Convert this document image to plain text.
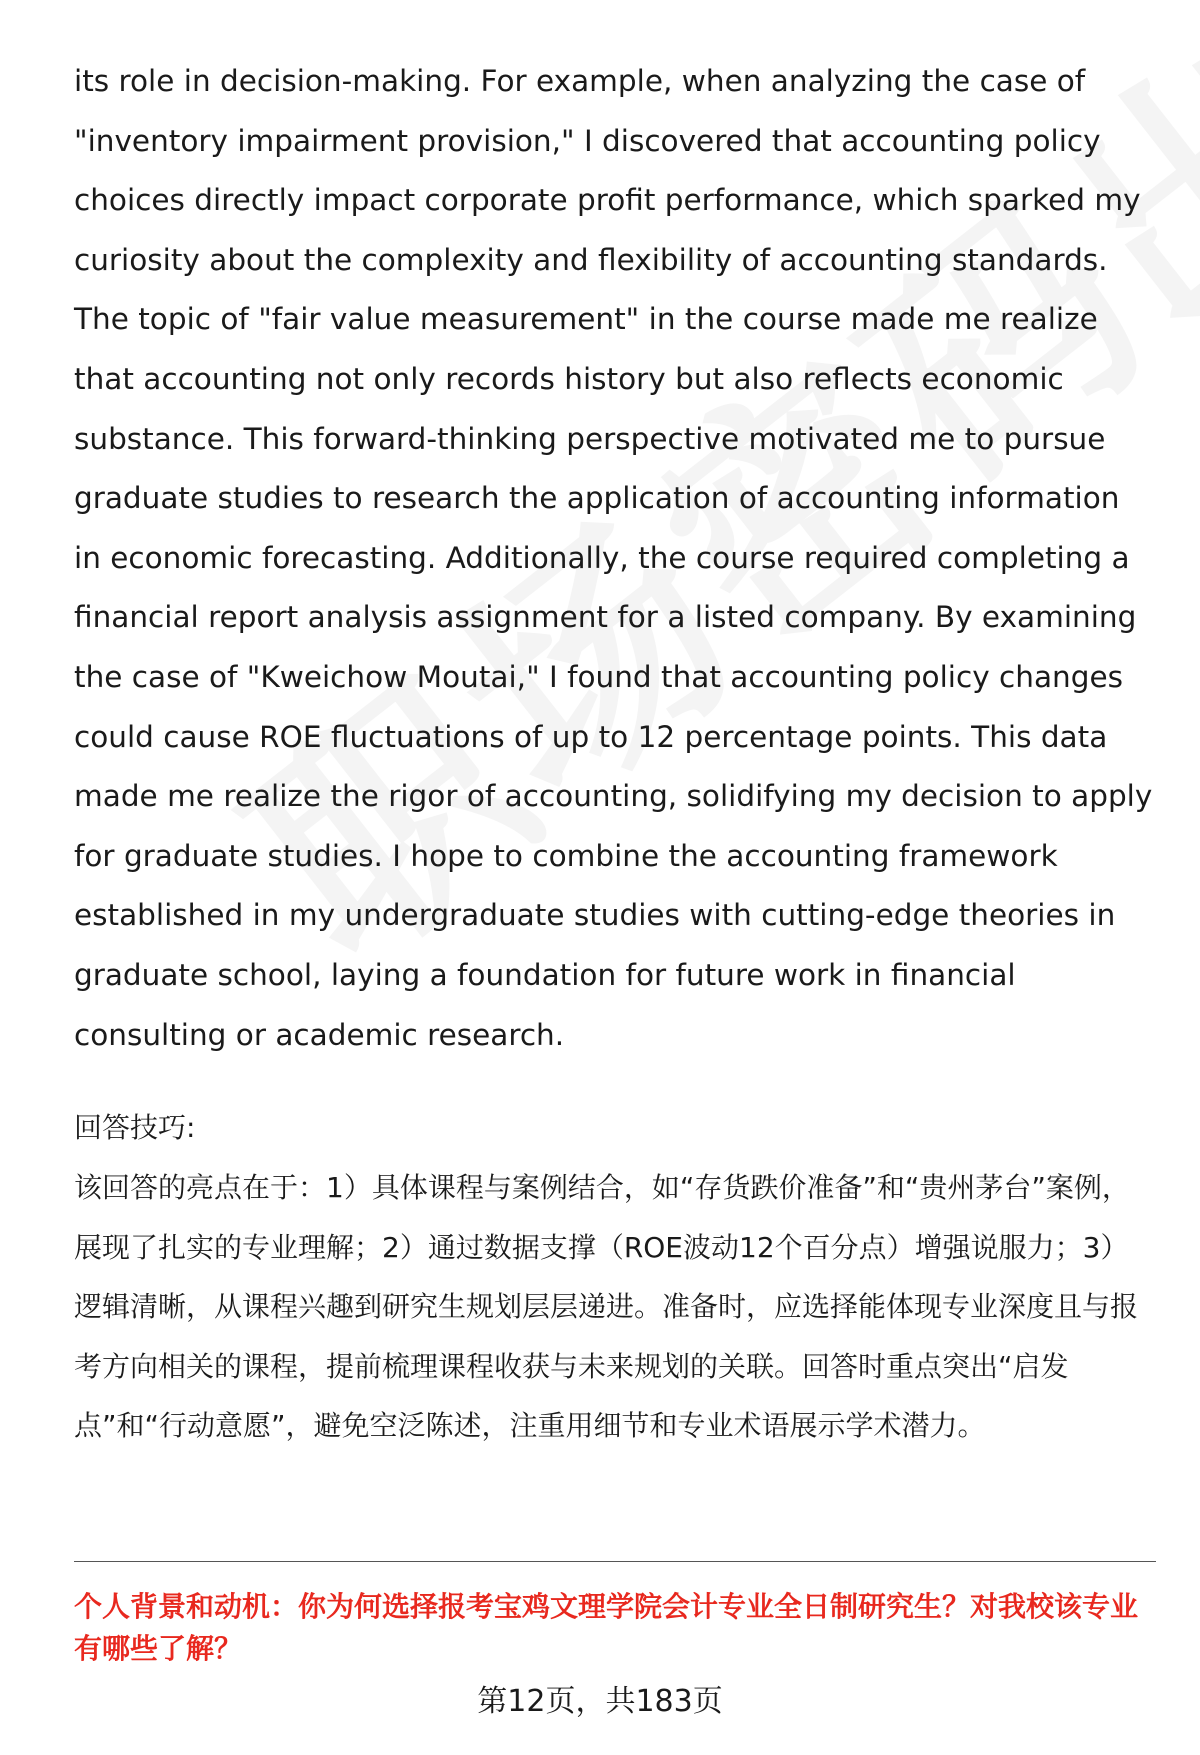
its role in decision-making. For example, when analyzing the case of "inventory impairment provision," I discovered that accounting policy choices directly impact corporate profit performance, which sparked my curiosity about the complexity and flexibility of accounting standards. The topic of "fair value measurement" in the course made me realize that accounting not only records history but also reflects economic substance. This forward-thinking perspective motivated me to pursue graduate studies to research the application of accounting information in economic forecasting. Additionally, the course required completing a financial report analysis assignment for a listed company. By examining the case of "Kweichow Moutai," I found that accounting policy changes could cause ROE fluctuations of up to 12 percentage points. This data made me realize the rigor of accounting, solidifying my decision to apply for graduate studies. I hope to combine the accounting framework established in my undergraduate studies with cutting-edge theories in graduate school, laying a foundation for future work in financial consulting or academic research.

回答技巧:

该回答的亮点在于：1）具体课程与案例结合，如“存货跌价准备”和“贵州茅台”案例，展现了扎实的专业理解；2）通过数据支撑（ROE波动12个百分点）增强说服力；3）逻辑清晰，从课程兴趣到研究生规划层层递进。准备时，应选择能体现专业深度且与报考方向相关的课程，提前梳理课程收获与未来规划的关联。回答时重点突出“启发点”和“行动意愿”，避免空泛陈述，注重用细节和专业术语展示学术潜力。

个人背景和动机：你为何选择报考宝鸡文理学院会计专业全日制研究生？对我校该专业有哪些了解？
第12页，共183页
